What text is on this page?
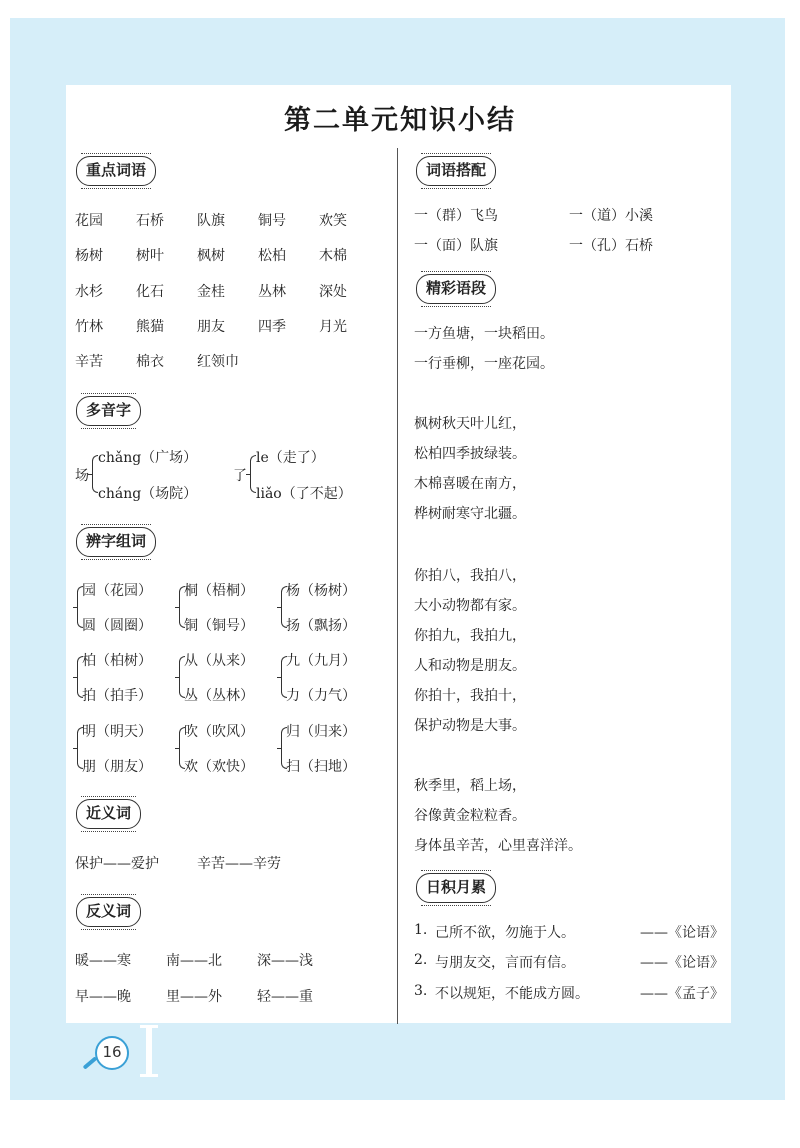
第二单元知识小结
重点词语
花园 石桥 队旗 铜号 欢笑
杨树 树叶 枫树 松柏 木棉
水杉 化石 金桂 丛林 深处
竹林 熊猫 朋友 四季 月光
辛苦 棉衣 红领巾
多音字
场
chǎng（广场）
cháng（场院）
了
le（走了）
liǎo（了不起）
辨字组词
园（花园）
圆（圆圈）
桐（梧桐）
铜（铜号）
杨（杨树）
扬（飘扬）
柏（柏树）
拍（拍手）
从（从来）
丛（丛林）
九（九月）
力（力气）
明（明天）
朋（朋友）
吹（吹风）
欢（欢快）
归（归来）
扫（扫地）
近义词
保护——爱护	辛苦——辛劳
反义词
暖——寒	南——北	深——浅
早——晚	里——外	轻——重
词语搭配
一（群）飞鸟	一（道）小溪
一（面）队旗	一（孔）石桥
精彩语段
一方鱼塘，一块稻田。
一行垂柳，一座花园。
枫树秋天叶儿红，
松柏四季披绿装。
木棉喜暖在南方，
桦树耐寒守北疆。
你拍八，我拍八，
大小动物都有家。
你拍九，我拍九，
人和动物是朋友。
你拍十，我拍十，
保护动物是大事。
秋季里，稻上场，
谷像黄金粒粒香。
身体虽辛苦，心里喜洋洋。
日积月累
1. 己所不欲，勿施于人。	——《论语》
2. 与朋友交，言而有信。	——《论语》
3. 不以规矩，不能成方圆。	——《孟子》
16
